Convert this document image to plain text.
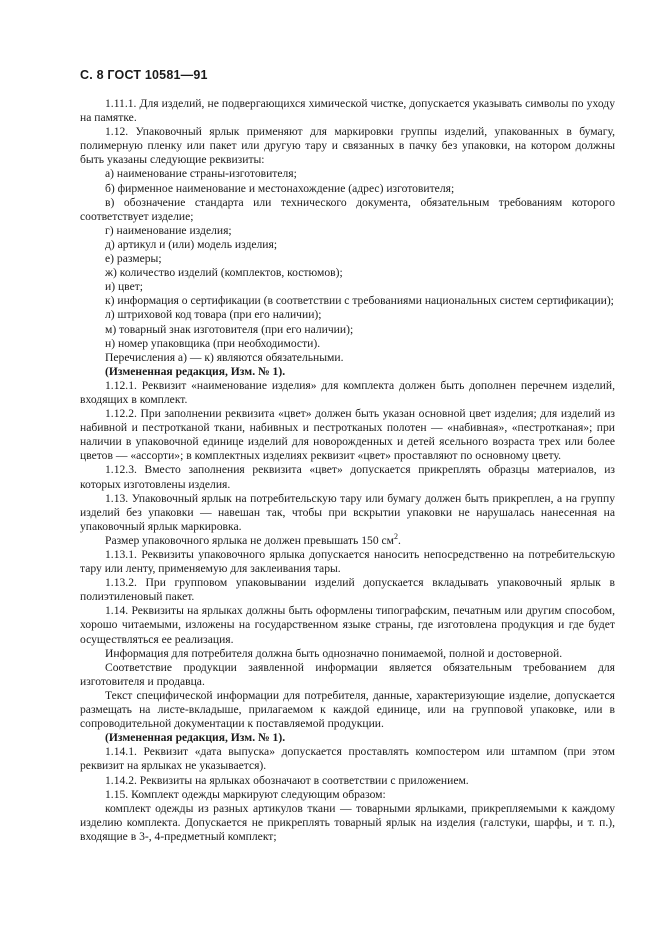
С. 8 ГОСТ 10581—91
1.11.1. Для изделий, не подвергающихся химической чистке, допускается указывать символы по уходу на памятке.
1.12. Упаковочный ярлык применяют для маркировки группы изделий, упакованных в бумагу, полимерную пленку или пакет или другую тару и связанных в пачку без упаковки, на котором должны быть указаны следующие реквизиты:
а) наименование страны-изготовителя;
б) фирменное наименование и местонахождение (адрес) изготовителя;
в) обозначение стандарта или технического документа, обязательным требованиям которого соответствует изделие;
г) наименование изделия;
д) артикул и (или) модель изделия;
е) размеры;
ж) количество изделий (комплектов, костюмов);
и) цвет;
к) информация о сертификации (в соответствии с требованиями национальных систем сертификации);
л) штриховой код товара (при его наличии);
м) товарный знак изготовителя (при его наличии);
н) номер упаковщика (при необходимости).
Перечисления а) — к) являются обязательными.
(Измененная редакция, Изм. № 1).
1.12.1. Реквизит «наименование изделия» для комплекта должен быть дополнен перечнем изделий, входящих в комплект.
1.12.2. При заполнении реквизита «цвет» должен быть указан основной цвет изделия; для изделий из набивной и пестротканой ткани, набивных и пестротканых полотен — «набивная», «пестротканая»; при наличии в упаковочной единице изделий для новорожденных и детей ясельного возраста трех или более цветов — «ассорти»; в комплектных изделиях реквизит «цвет» проставляют по основному цвету.
1.12.3. Вместо заполнения реквизита «цвет» допускается прикреплять образцы материалов, из которых изготовлены изделия.
1.13. Упаковочный ярлык на потребительскую тару или бумагу должен быть прикреплен, а на группу изделий без упаковки — навешан так, чтобы при вскрытии упаковки не нарушалась нанесенная на упаковочный ярлык маркировка.
Размер упаковочного ярлыка не должен превышать 150 $см^2$.
1.13.1. Реквизиты упаковочного ярлыка допускается наносить непосредственно на потребительскую тару или ленту, применяемую для заклеивания тары.
1.13.2. При групповом упаковывании изделий допускается вкладывать упаковочный ярлык в полиэтиленовый пакет.
1.14. Реквизиты на ярлыках должны быть оформлены типографским, печатным или другим способом, хорошо читаемыми, изложены на государственном языке страны, где изготовлена продукция и где будет осуществляться ее реализация.
Информация для потребителя должна быть однозначно понимаемой, полной и достоверной.
Соответствие продукции заявленной информации является обязательным требованием для изготовителя и продавца.
Текст специфической информации для потребителя, данные, характеризующие изделие, допускается размещать на листе-вкладыше, прилагаемом к каждой единице, или на групповой упаковке, или в сопроводительной документации к поставляемой продукции.
(Измененная редакция, Изм. № 1).
1.14.1. Реквизит «дата выпуска» допускается проставлять компостером или штампом (при этом реквизит на ярлыках не указывается).
1.14.2. Реквизиты на ярлыках обозначают в соответствии с приложением.
1.15. Комплект одежды маркируют следующим образом:
комплект одежды из разных артикулов ткани — товарными ярлыками, прикрепляемыми к каждому изделию комплекта. Допускается не прикреплять товарный ярлык на изделия (галстуки, шарфы, и т. п.), входящие в 3-, 4-предметный комплект;
